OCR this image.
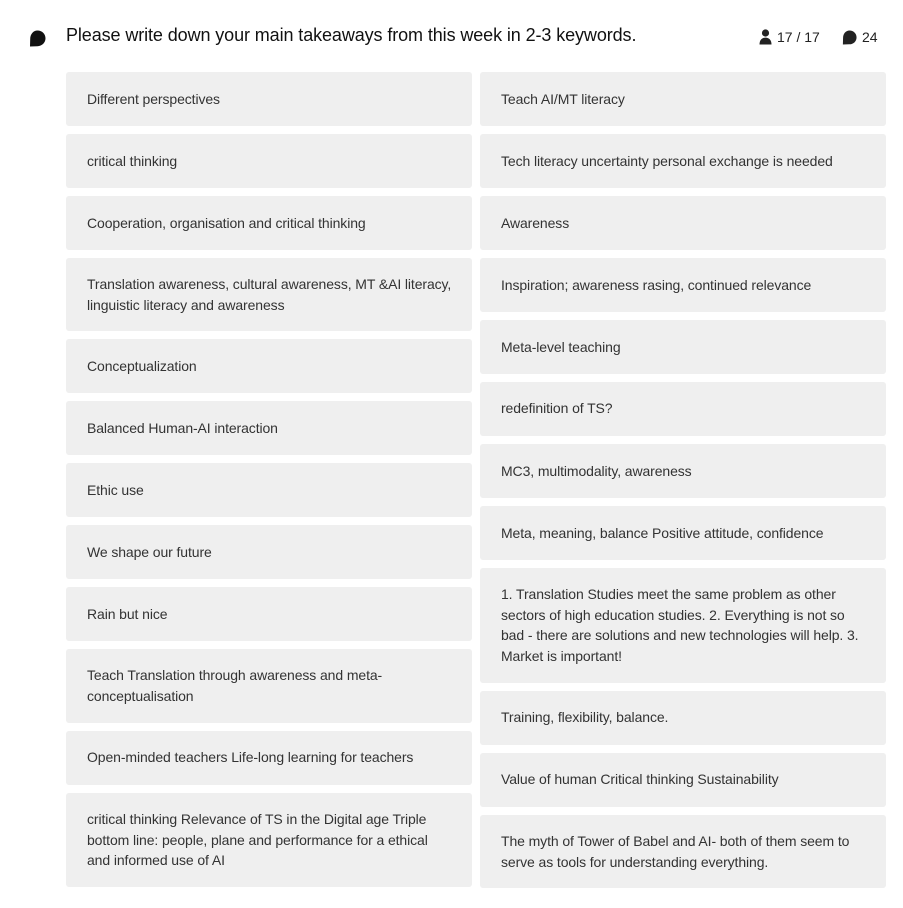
Please write down your main takeaways from this week in 2-3 keywords.	17 / 17	24
Different perspectives
critical thinking
Cooperation, organisation and critical thinking
Translation awareness, cultural awareness, MT &AI literacy, linguistic literacy and awareness
Conceptualization
Balanced Human-AI interaction
Ethic use
We shape our future
Rain but nice
Teach Translation through awareness and meta-conceptualisation
Open-minded teachers Life-long learning for teachers
critical thinking Relevance of TS in the Digital age Triple bottom line: people, plane and performance for a ethical and informed use of AI
Teach AI/MT literacy
Tech literacy uncertainty personal exchange is needed
Awareness
Inspiration; awareness rasing, continued relevance
Meta-level teaching
redefinition of TS?
MC3, multimodality, awareness
Meta, meaning, balance Positive attitude, confidence
1. Translation Studies meet the same problem as other sectors of high education studies. 2. Everything is not so bad - there are solutions and new technologies will help. 3. Market is important!
Training, flexibility, balance.
Value of human Critical thinking Sustainability
The myth of Tower of Babel and AI- both of them seem to serve as tools for understanding everything.
